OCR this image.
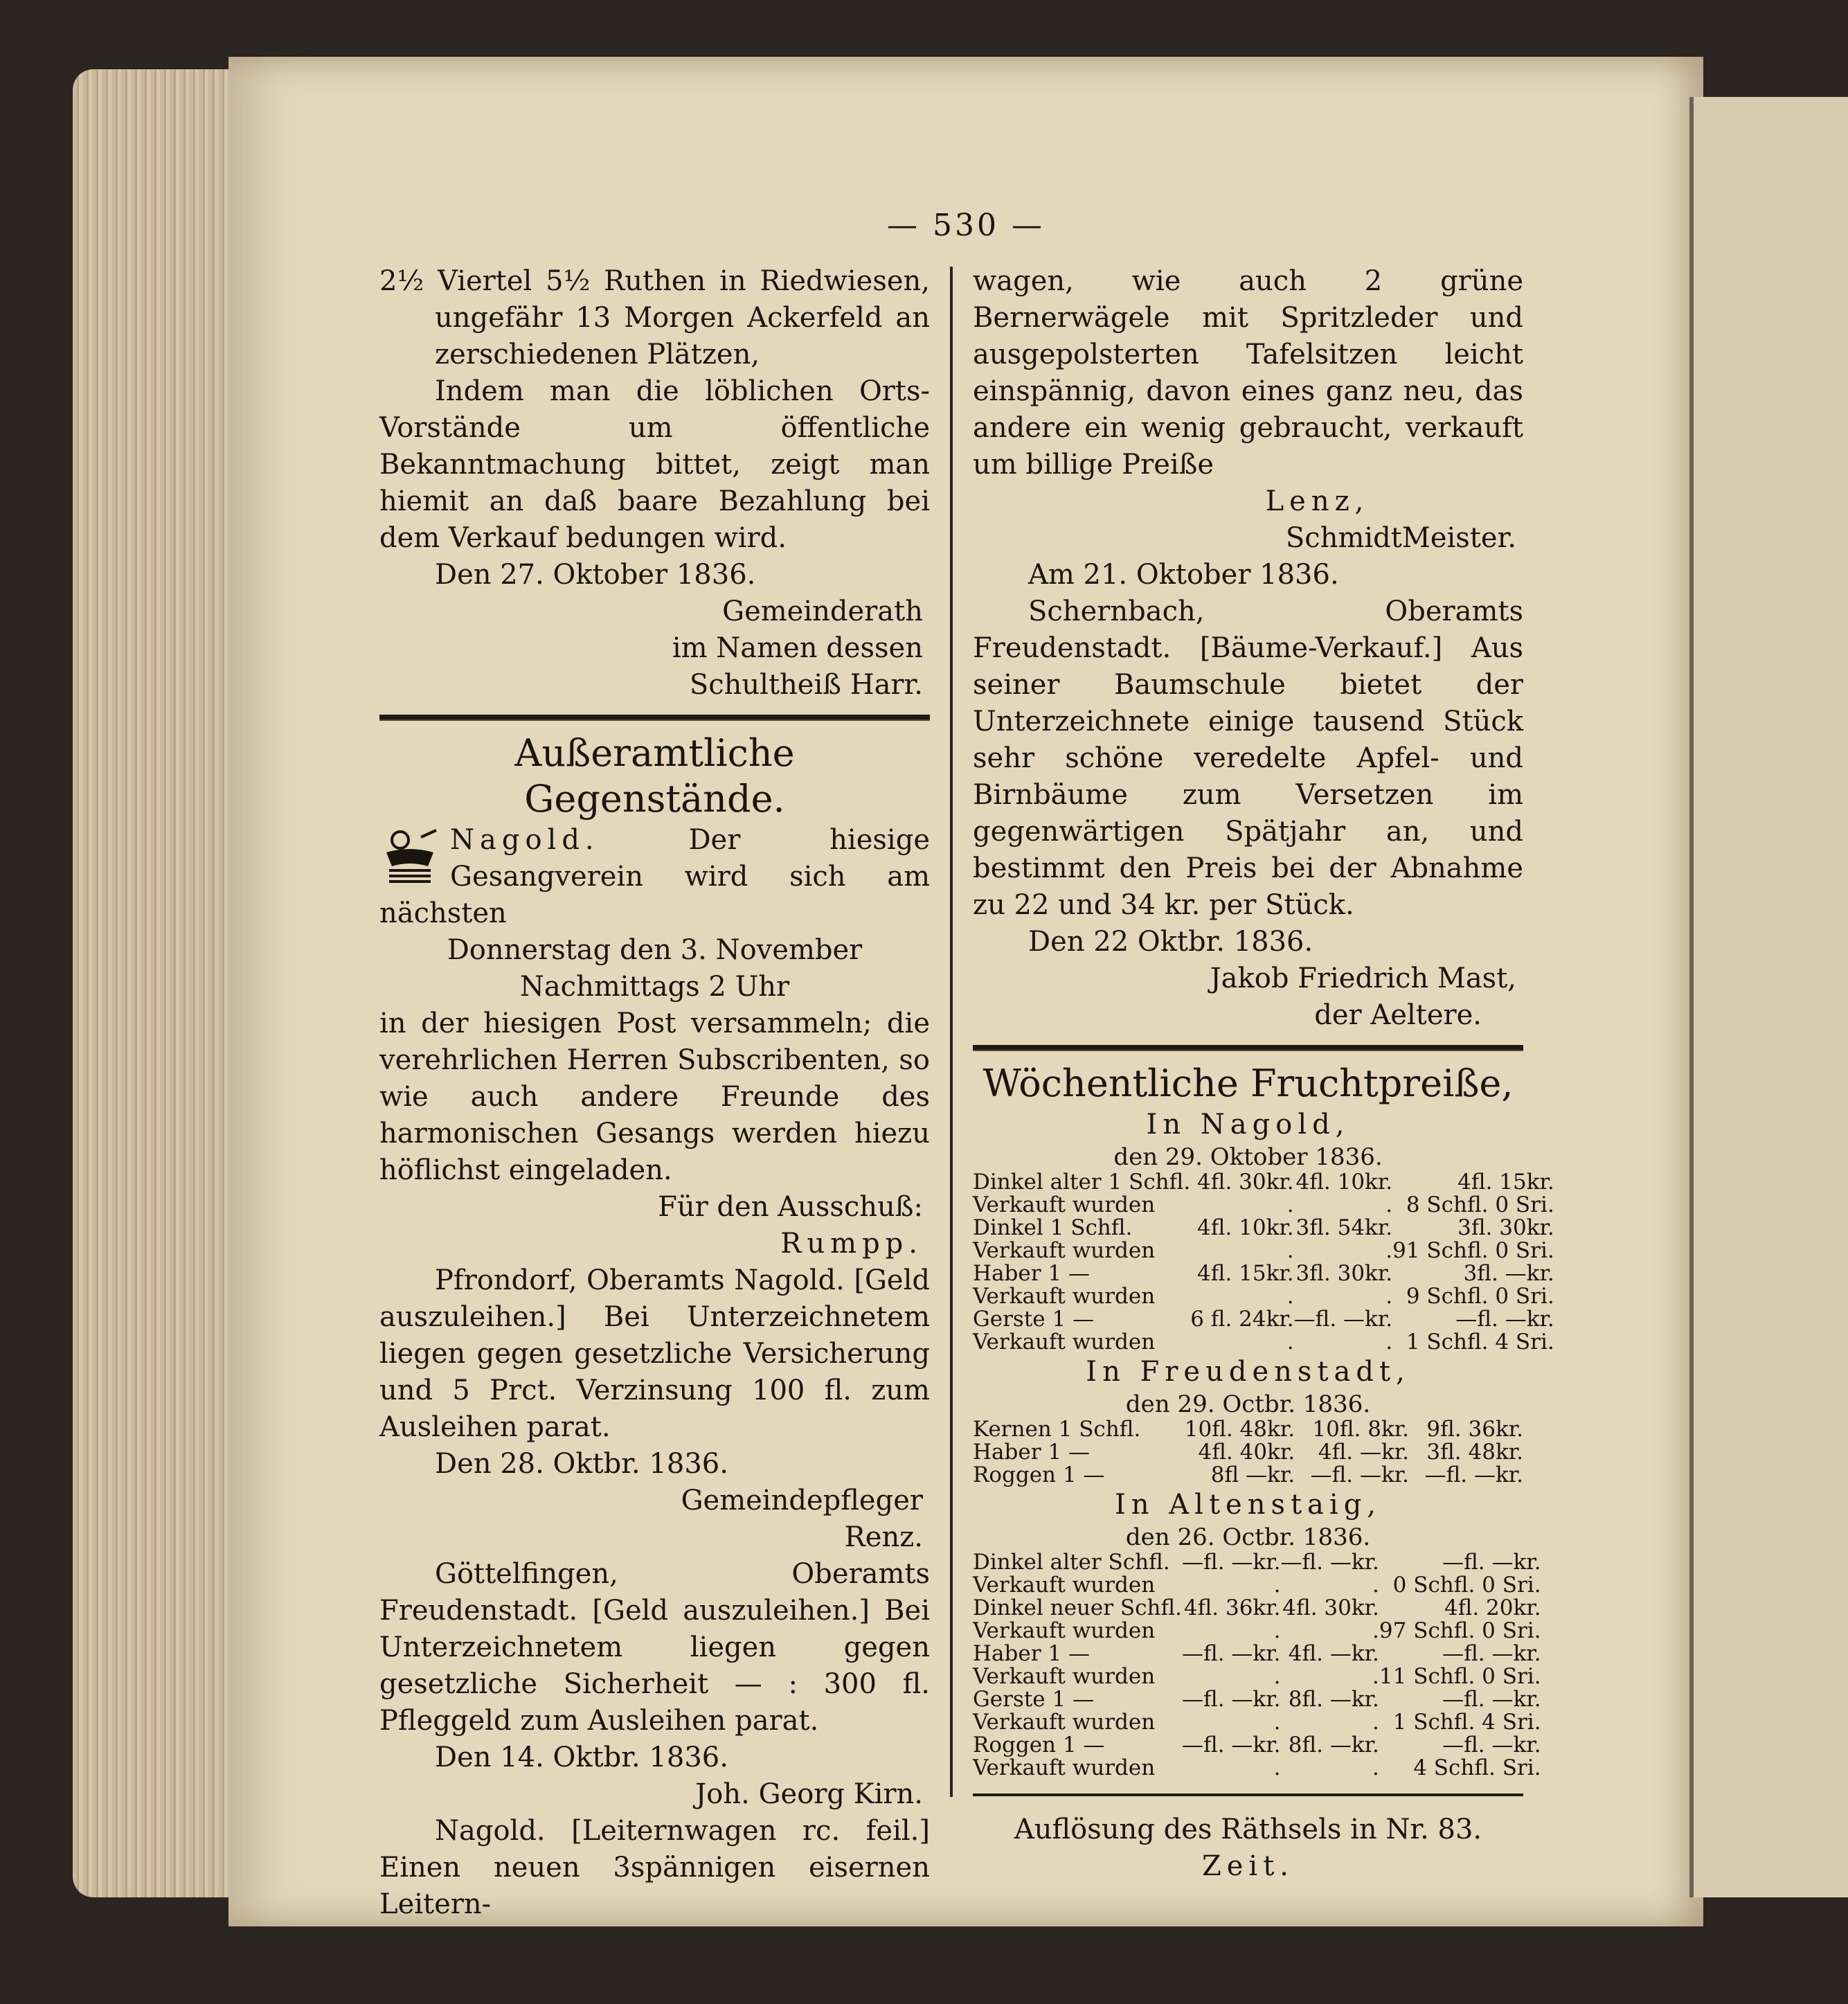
— 530 —

2½ Viertel 5½ Ruthen in Riedwiesen,

ungefähr 13 Morgen Ackerfeld an

zerschiedenen Plätzen,

Indem man die löblichen Orts-Vorstände um öffentliche Bekanntmachung bittet, zeigt man hiemit an daß baare Bezahlung bei dem Verkauf bedungen wird.

Den 27. Oktober 1836.

Gemeinderath

im Namen dessen

Schultheiß Harr.

Außeramtliche Gegenstände.

Nagold.	Der hiesige Gesangverein wird sich am nächsten

Donnerstag den 3. November

Nachmittags 2 Uhr

in der hiesigen Post versammeln; die verehrlichen Herren Subscribenten, so wie auch andere Freunde des harmonischen Gesangs werden hiezu höflichst eingeladen.

Für den Ausschuß:

Rumpp.

Pfrondorf, Oberamts Nagold. [Geld auszuleihen.] Bei Unterzeichnetem liegen gegen gesetzliche Versicherung und 5 Prct. Verzinsung 100 fl. zum Ausleihen parat.

Den 28. Oktbr. 1836.

Gemeindepfleger

Renz.

Göttelfingen, Oberamts Freudenstadt. [Geld auszuleihen.] Bei Unterzeichnetem liegen gegen gesetzliche Sicherheit — : 300 fl. Pfleggeld zum Ausleihen parat.

Den 14. Oktbr. 1836.

Joh. Georg Kirn.

Nagold. [Leiternwagen rc. feil.] Einen neuen 3spännigen eisernen Leitern-

wagen, wie auch 2 grüne Bernerwägele mit Spritzleder und ausgepolsterten Tafelsitzen leicht einspännig, davon eines ganz neu, das andere ein wenig gebraucht, verkauft um billige Preiße

Lenz,

SchmidtMeister.

Am 21. Oktober 1836.

Schernbach, Oberamts Freudenstadt. [Bäume-Verkauf.] Aus seiner Baumschule bietet der Unterzeichnete einige tausend Stück sehr schöne veredelte Apfel- und Birnbäume zum Versetzen im gegenwärtigen Spätjahr an, und bestimmt den Preis bei der Abnahme zu 22 und 34 kr. per Stück.

Den 22 Oktbr. 1836.

Jakob Friedrich Mast,

der Aeltere.

Wöchentliche Fruchtpreiße,

In Nagold,

den 29. Oktober 1836.

Dinkel alter 1 Schfl.	4fl. 30kr.	4fl. 10kr.	4fl. 15kr.
Verkauft wurden	.	.	8 Schfl. 0 Sri.
Dinkel 1 Schfl.	4fl. 10kr.	3fl. 54kr.	3fl. 30kr.
Verkauft wurden	.	.	91 Schfl. 0 Sri.
Haber 1 —	4fl. 15kr.	3fl. 30kr.	3fl. —kr.
Verkauft wurden	.	.	9 Schfl. 0 Sri.
Gerste 1 —	6 fl. 24kr.	—fl. —kr.	—fl. —kr.
Verkauft wurden	.	.	1 Schfl. 4 Sri.

In Freudenstadt,

den 29. Octbr. 1836.

Kernen 1 Schfl.	10fl. 48kr.	10fl. 8kr.	9fl. 36kr.
Haber 1 —	4fl. 40kr.	4fl. —kr.	3fl. 48kr.
Roggen 1 —	8fl —kr.	—fl. —kr.	—fl. —kr.

In Altenstaig,

den 26. Octbr. 1836.

Dinkel alter Schfl.	—fl. —kr.	—fl. —kr.	—fl. —kr.
Verkauft wurden	.	.	0 Schfl. 0 Sri.
Dinkel neuer Schfl.	4fl. 36kr.	4fl. 30kr.	4fl. 20kr.
Verkauft wurden	.	.	97 Schfl. 0 Sri.
Haber 1 —	—fl. —kr.	4fl. —kr.	—fl. —kr.
Verkauft wurden	.	.	11 Schfl. 0 Sri.
Gerste 1 —	—fl. —kr.	8fl. —kr.	—fl. —kr.
Verkauft wurden	.	.	1 Schfl. 4 Sri.
Roggen 1 —	—fl. —kr.	8fl. —kr.	—fl. —kr.
Verkauft wurden	.	.	4 Schfl. Sri.

Auflösung des Räthsels in Nr. 83.

Zeit.
